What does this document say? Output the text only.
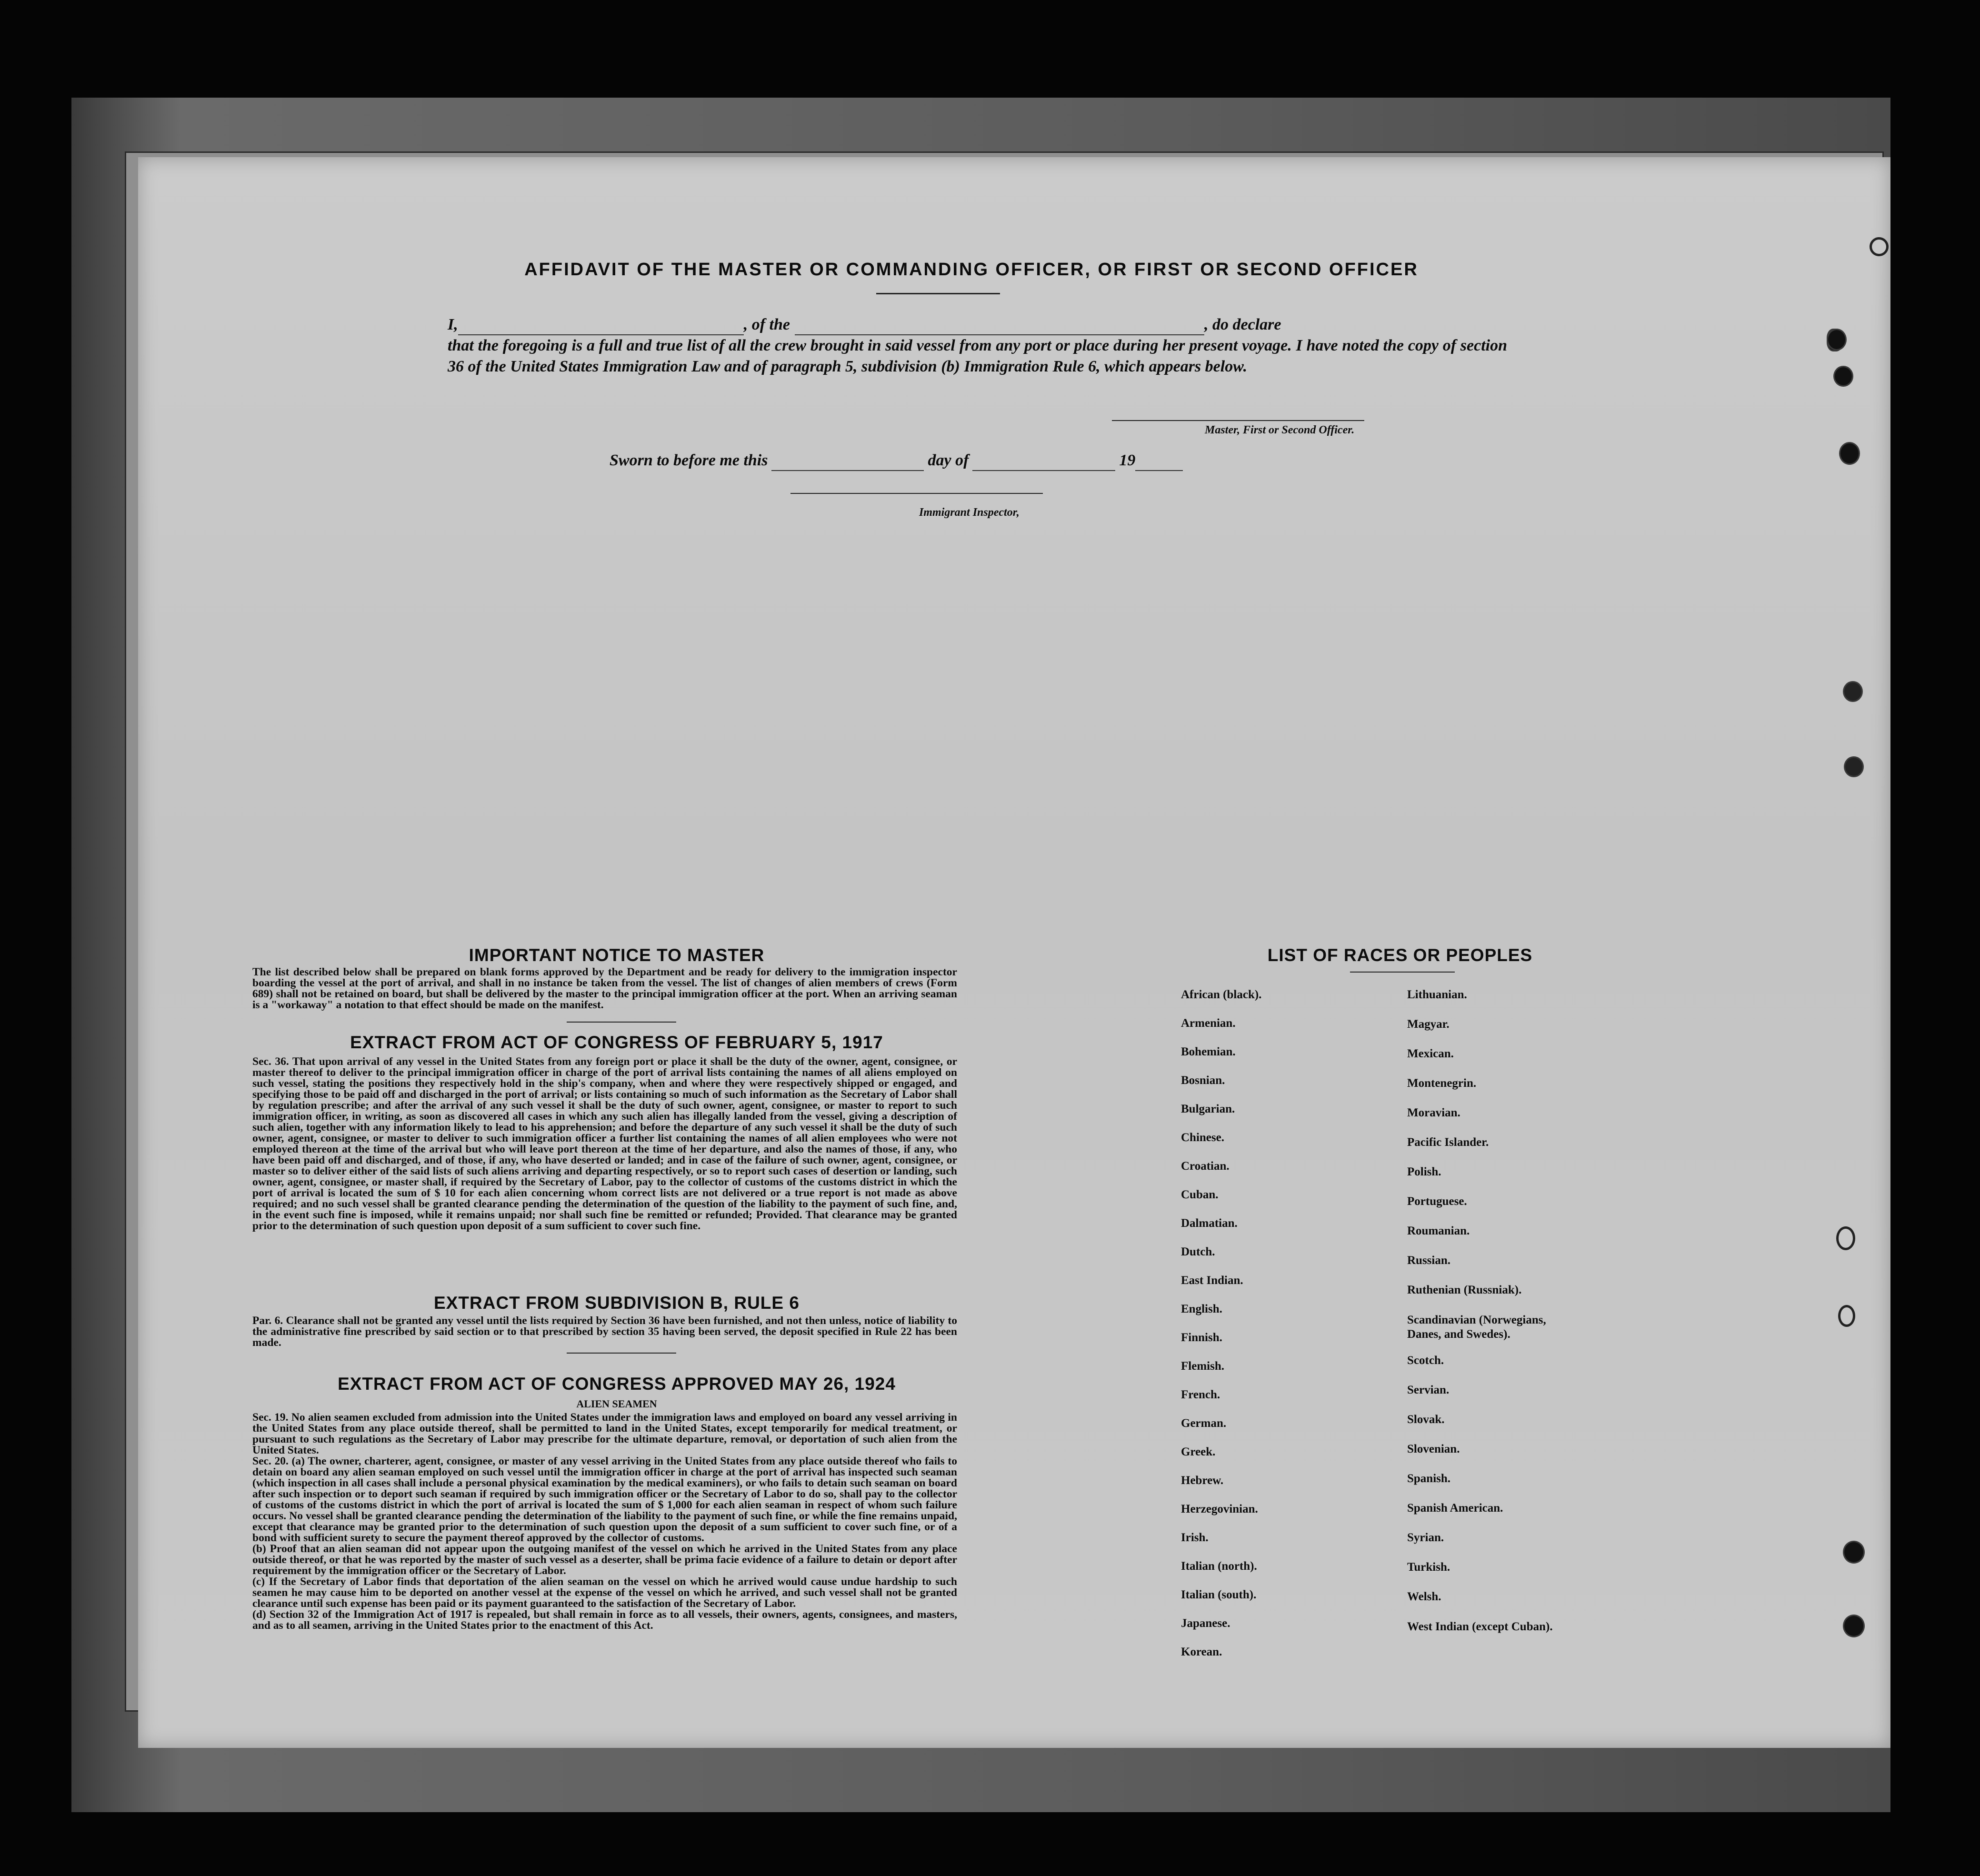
AFFIDAVIT OF THE MASTER OR COMMANDING OFFICER, OR FIRST OR SECOND OFFICER
I,	, of the	, do declare
that the foregoing is a full and true list of all the crew brought in said vessel from any port or place during her present voyage. I have noted the copy of section 36 of the United States Immigration Law and of paragraph 5, subdivision (b) Immigration Rule 6, which appears below.
Master, First or Second Officer.
Sworn to before me this	day of	19
Immigrant Inspector,
IMPORTANT NOTICE TO MASTER
The list described below shall be prepared on blank forms approved by the Department and be ready for delivery to the immigration inspector boarding the vessel at the port of arrival, and shall in no instance be taken from the vessel. The list of changes of alien members of crews (Form 689) shall not be retained on board, but shall be delivered by the master to the principal immigration officer at the port. When an arriving seaman is a "workaway" a notation to that effect should be made on the manifest.
EXTRACT FROM ACT OF CONGRESS OF FEBRUARY 5, 1917
Sec. 36. That upon arrival of any vessel in the United States from any foreign port or place it shall be the duty of the owner, agent, consignee, or master thereof to deliver to the principal immigration officer in charge of the port of arrival lists containing the names of all aliens employed on such vessel, stating the positions they respectively hold in the ship's company, when and where they were respectively shipped or engaged, and specifying those to be paid off and discharged in the port of arrival; or lists containing so much of such information as the Secretary of Labor shall by regulation prescribe; and after the arrival of any such vessel it shall be the duty of such owner, agent, consignee, or master to report to such immigration officer, in writing, as soon as discovered all cases in which any such alien has illegally landed from the vessel, giving a description of such alien, together with any information likely to lead to his apprehension; and before the departure of any such vessel it shall be the duty of such owner, agent, consignee, or master to deliver to such immigration officer a further list containing the names of all alien employees who were not employed thereon at the time of the arrival but who will leave port thereon at the time of her departure, and also the names of those, if any, who have been paid off and discharged, and of those, if any, who have deserted or landed; and in case of the failure of such owner, agent, consignee, or master so to deliver either of the said lists of such aliens arriving and departing respectively, or so to report such cases of desertion or landing, such owner, agent, consignee, or master shall, if required by the Secretary of Labor, pay to the collector of customs of the customs district in which the port of arrival is located the sum of $ 10 for each alien concerning whom correct lists are not delivered or a true report is not made as above required; and no such vessel shall be granted clearance pending the determination of the question of the liability to the payment of such fine, and, in the event such fine is imposed, while it remains unpaid; nor shall such fine be remitted or refunded; Provided. That clearance may be granted prior to the determination of such question upon deposit of a sum sufficient to cover such fine.
EXTRACT FROM SUBDIVISION B, RULE 6
Par. 6. Clearance shall not be granted any vessel until the lists required by Section 36 have been furnished, and not then unless, notice of liability to the administrative fine prescribed by said section or to that prescribed by section 35 having been served, the deposit specified in Rule 22 has been made.
EXTRACT FROM ACT OF CONGRESS APPROVED MAY 26, 1924
ALIEN SEAMEN
Sec. 19. No alien seamen excluded from admission into the United States under the immigration laws and employed on board any vessel arriving in the United States from any place outside thereof, shall be permitted to land in the United States, except temporarily for medical treatment, or pursuant to such regulations as the Secretary of Labor may prescribe for the ultimate departure, removal, or deportation of such alien from the United States.
Sec. 20. (a) The owner, charterer, agent, consignee, or master of any vessel arriving in the United States from any place outside thereof who fails to detain on board any alien seaman employed on such vessel until the immigration officer in charge at the port of arrival has inspected such seaman (which inspection in all cases shall include a personal physical examination by the medical examiners), or who fails to detain such seaman on board after such inspection or to deport such seaman if required by such immigration officer or the Secretary of Labor to do so, shall pay to the collector of customs of the customs district in which the port of arrival is located the sum of $ 1,000 for each alien seaman in respect of whom such failure occurs. No vessel shall be granted clearance pending the determination of the liability to the payment of such fine, or while the fine remains unpaid, except that clearance may be granted prior to the determination of such question upon the deposit of a sum sufficient to cover such fine, or of a bond with sufficient surety to secure the payment thereof approved by the collector of customs.
(b) Proof that an alien seaman did not appear upon the outgoing manifest of the vessel on which he arrived in the United States from any place outside thereof, or that he was reported by the master of such vessel as a deserter, shall be prima facie evidence of a failure to detain or deport after requirement by the immigration officer or the Secretary of Labor.
(c) If the Secretary of Labor finds that deportation of the alien seaman on the vessel on which he arrived would cause undue hardship to such seamen he may cause him to be deported on another vessel at the expense of the vessel on which he arrived, and such vessel shall not be granted clearance until such expense has been paid or its payment guaranteed to the satisfaction of the Secretary of Labor.
(d) Section 32 of the Immigration Act of 1917 is repealed, but shall remain in force as to all vessels, their owners, agents, consignees, and masters, and as to all seamen, arriving in the United States prior to the enactment of this Act.
LIST OF RACES OR PEOPLES
African (black).
Armenian.
Bohemian.
Bosnian.
Bulgarian.
Chinese.
Croatian.
Cuban.
Dalmatian.
Dutch.
East Indian.
English.
Finnish.
Flemish.
French.
German.
Greek.
Hebrew.
Herzegovinian.
Irish.
Italian (north).
Italian (south).
Japanese.
Korean.
Lithuanian.
Magyar.
Mexican.
Montenegrin.
Moravian.
Pacific Islander.
Polish.
Portuguese.
Roumanian.
Russian.
Ruthenian (Russniak).
Scandinavian (Norwegians, Danes, and Swedes).
Scotch.
Servian.
Slovak.
Slovenian.
Spanish.
Spanish American.
Syrian.
Turkish.
Welsh.
West Indian (except Cuban).
